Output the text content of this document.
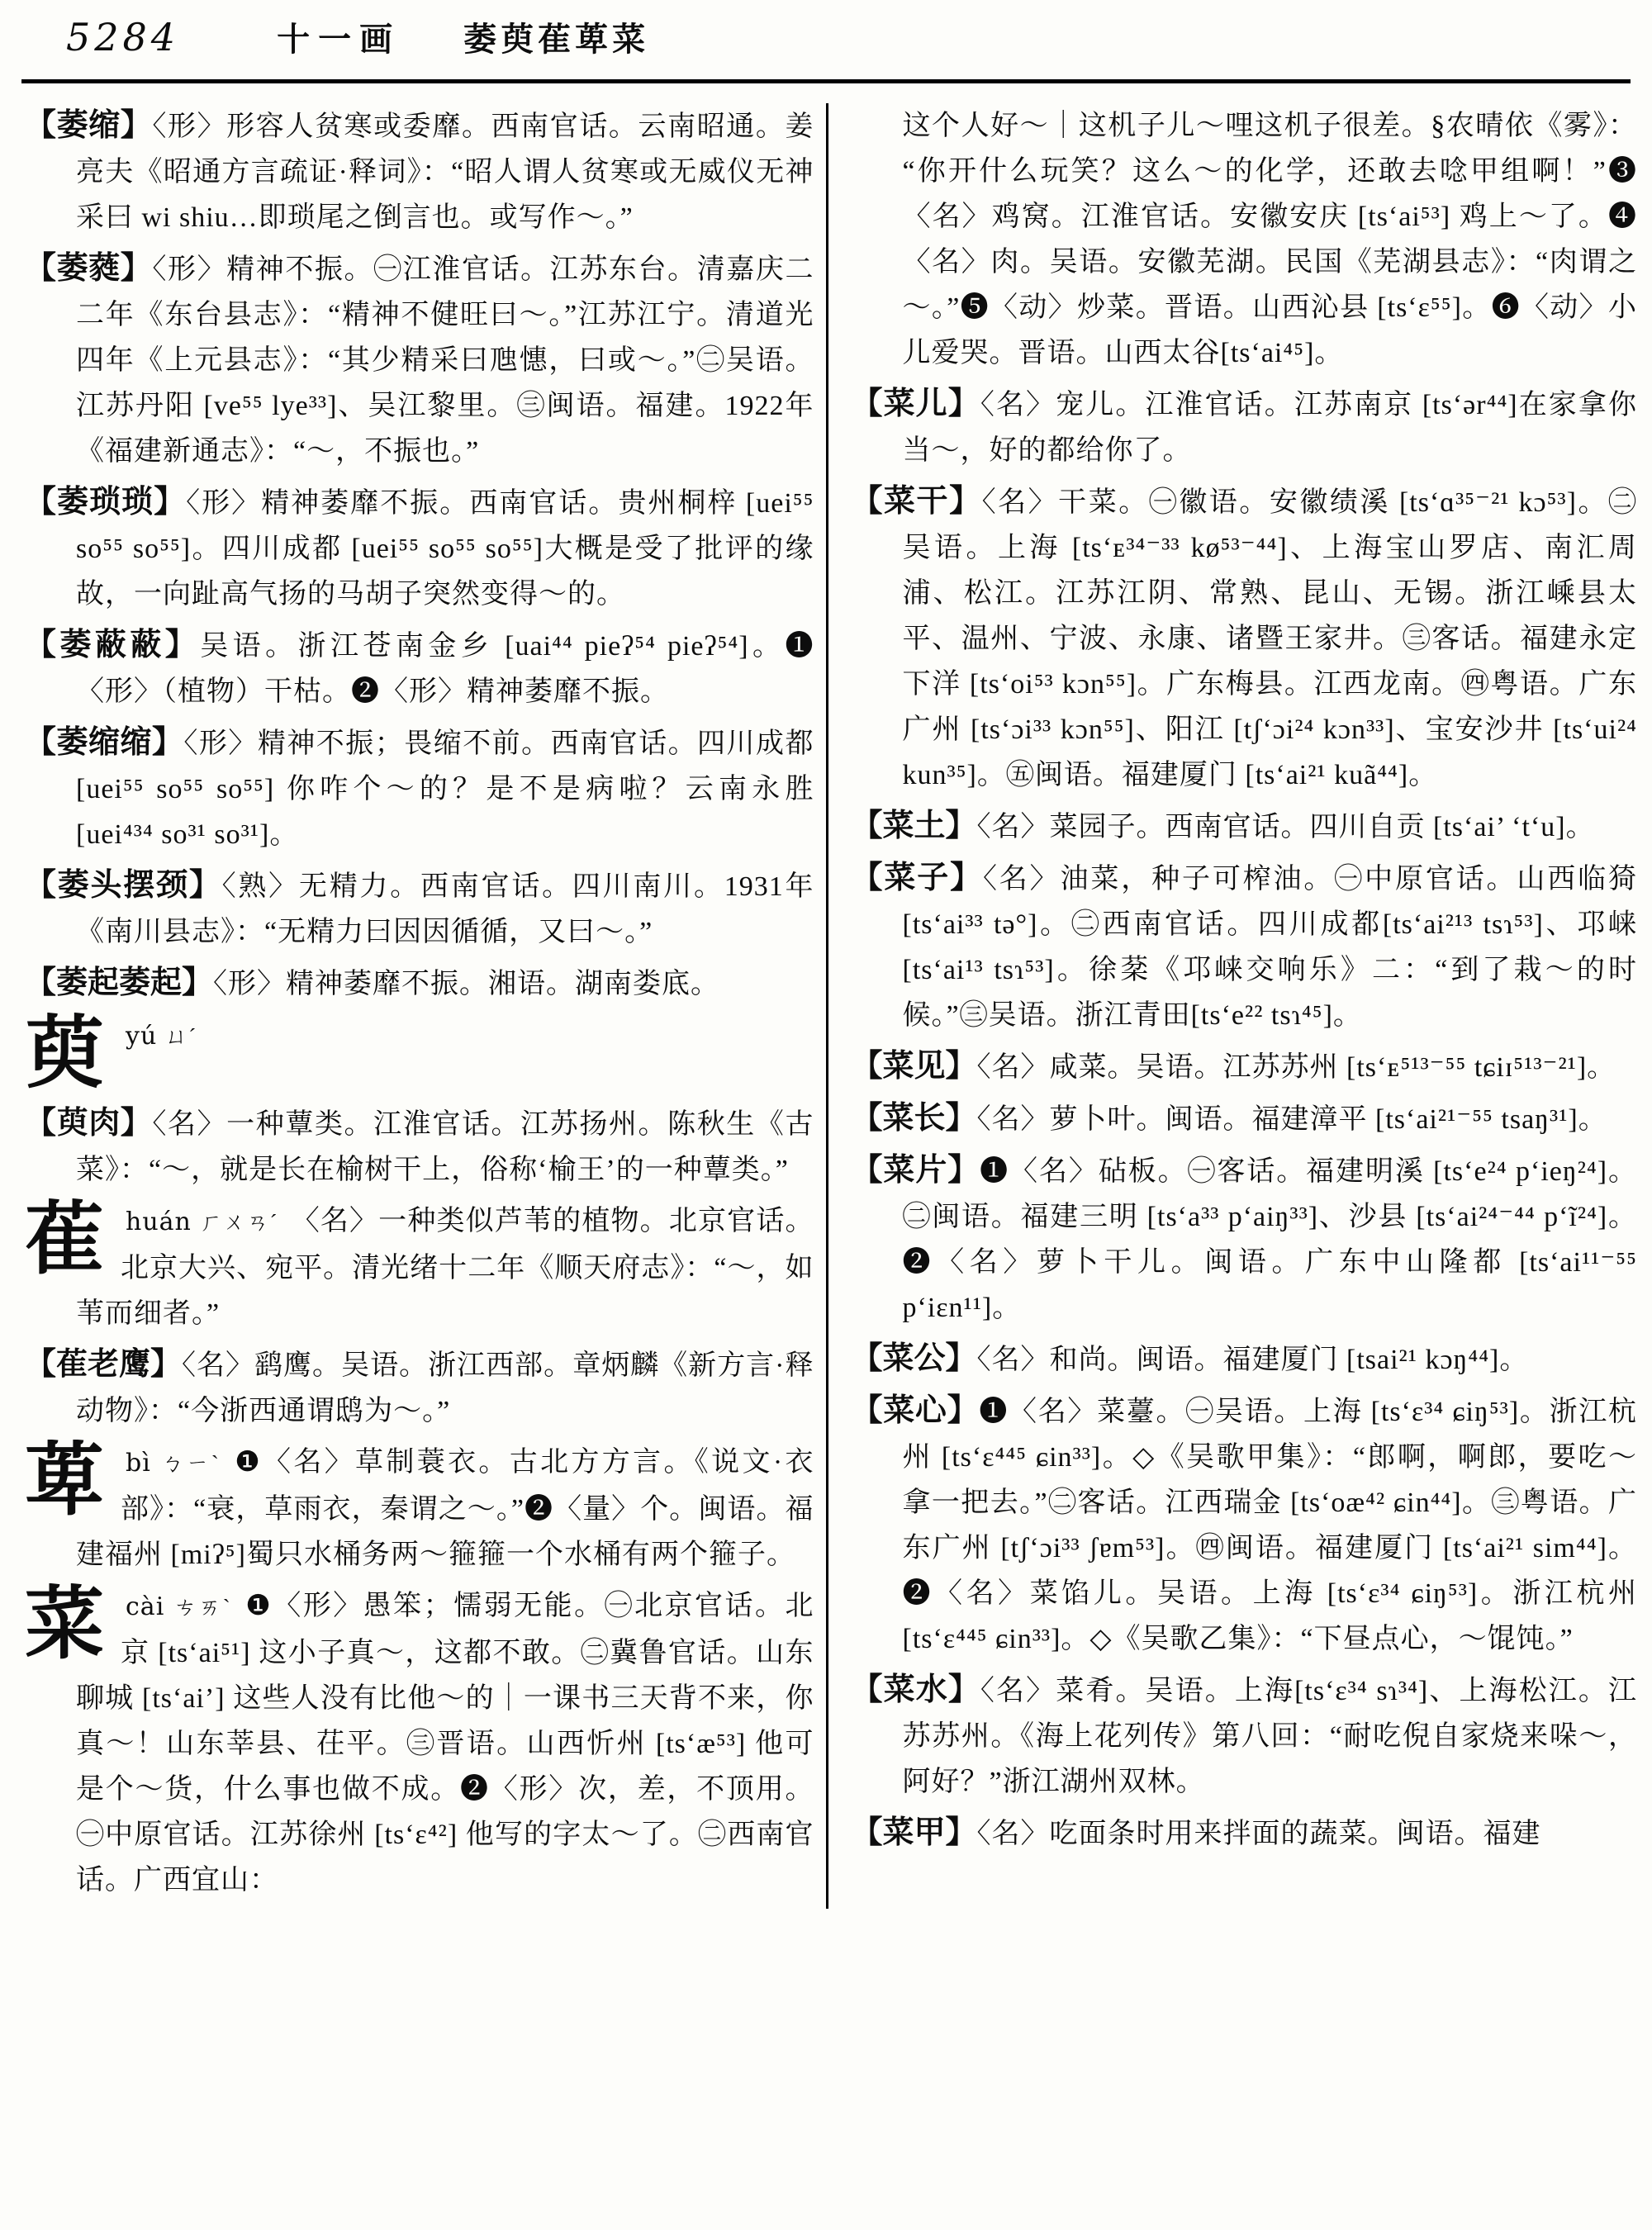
5284	十一画 萎萸萑萆菜
【萎缩】〈形〉形容人贫寒或委靡。西南官话。云南昭通。姜亮夫《昭通方言疏证·释词》：“昭人谓人贫寒或无威仪无神采曰 wi shiu…即琐尾之倒言也。或写作～。”
【萎蕤】〈形〉精神不振。㊀江淮官话。江苏东台。清嘉庆二二年《东台县志》：“精神不健旺曰～。”江苏江宁。清道光四年《上元县志》：“其少精采曰虺憓，曰或～。”㊁吴语。江苏丹阳 [ve⁵⁵ lye³³]、吴江黎里。㊂闽语。福建。1922年《福建新通志》：“～，不振也。”
【萎琐琐】〈形〉精神萎靡不振。西南官话。贵州桐梓 [uei⁵⁵ so⁵⁵ so⁵⁵]。四川成都 [uei⁵⁵ so⁵⁵ so⁵⁵]大概是受了批评的缘故，一向趾高气扬的马胡子突然变得～的。
【萎蔽蔽】吴语。浙江苍南金乡 [uai⁴⁴ pieʔ⁵⁴ pieʔ⁵⁴]。❶〈形〉（植物）干枯。❷〈形〉精神萎靡不振。
【萎缩缩】〈形〉精神不振；畏缩不前。西南官话。四川成都 [uei⁵⁵ so⁵⁵ so⁵⁵] 你咋个～的？是不是病啦？云南永胜 [uei⁴³⁴ so³¹ so³¹]。
【萎头摆颈】〈熟〉无精力。西南官话。四川南川。1931年《南川县志》：“无精力曰因因循循，又曰～。”
【萎起萎起】〈形〉精神萎靡不振。湘语。湖南娄底。
萸yú ㄩˊ
【萸肉】〈名〉一种蕈类。江淮官话。江苏扬州。陈秋生《古菜》：“～，就是长在榆树干上，俗称‘榆王’的一种蕈类。”
萑huán ㄏㄨㄢˊ 〈名〉一种类似芦苇的植物。北京官话。北京大兴、宛平。清光绪十二年《顺天府志》：“～，如苇而细者。”
【萑老鹰】〈名〉鹞鹰。吴语。浙江西部。章炳麟《新方言·释动物》：“今浙西通谓鸱为～。”
萆bì ㄅㄧˋ ❶〈名〉草制蓑衣。古北方方言。《说文·衣部》：“衰，草雨衣，秦谓之～。”❷〈量〉个。闽语。福建福州 [miʔ⁵]蜀只水桶务两～箍箍一个水桶有两个箍子。
菜cài ㄘㄞˋ ❶〈形〉愚笨；懦弱无能。㊀北京官话。北京 [ts‘ai⁵¹] 这小子真～，这都不敢。㊁冀鲁官话。山东聊城 [ts‘ai’] 这些人没有比他～的｜一课书三天背不来，你真～！山东莘县、茌平。㊂晋语。山西忻州 [ts‘æ⁵³] 他可是个～货，什么事也做不成。❷〈形〉次，差，不顶用。㊀中原官话。江苏徐州 [ts‘ɛ⁴²] 他写的字太～了。㊁西南官话。广西宜山：
这个人好～｜这机子儿～哩这机子很差。§农晴依《雾》：“你开什么玩笑？这么～的化学，还敢去唸甲组啊！”❸〈名〉鸡窝。江淮官话。安徽安庆 [ts‘ai⁵³] 鸡上～了。❹〈名〉肉。吴语。安徽芜湖。民国《芜湖县志》：“肉谓之～。”❺〈动〉炒菜。晋语。山西沁县 [ts‘ɛ⁵⁵]。❻〈动〉小儿爱哭。晋语。山西太谷[ts‘ai⁴⁵]。
【菜儿】〈名〉宠儿。江淮官话。江苏南京 [ts‘ər⁴⁴]在家拿你当～，好的都给你了。
【菜干】〈名〉干菜。㊀徽语。安徽绩溪 [ts‘ɑ³⁵⁻²¹ kɔ⁵³]。㊁吴语。上海 [ts‘ᴇ³⁴⁻³³ kø⁵³⁻⁴⁴]、上海宝山罗店、南汇周浦、松江。江苏江阴、常熟、昆山、无锡。浙江嵊县太平、温州、宁波、永康、诸暨王家井。㊂客话。福建永定下洋 [ts‘oi⁵³ kɔn⁵⁵]。广东梅县。江西龙南。㊃粤语。广东广州 [ts‘ɔi³³ kɔn⁵⁵]、阳江 [tʃ‘ɔi²⁴ kɔn³³]、宝安沙井 [ts‘ui²⁴ kun³⁵]。㊄闽语。福建厦门 [ts‘ai²¹ kuã⁴⁴]。
【菜土】〈名〉菜园子。西南官话。四川自贡 [ts‘ai’ ‘t‘u]。
【菜子】〈名〉油菜，种子可榨油。㊀中原官话。山西临猗 [ts‘ai³³ tə°]。㊁西南官话。四川成都[ts‘ai²¹³ tsɿ⁵³]、邛崃 [ts‘ai¹³ tsɿ⁵³]。徐棻《邛崃交响乐》二：“到了栽～的时候。”㊂吴语。浙江青田[ts‘e²² tsɿ⁴⁵]。
【菜见】〈名〉咸菜。吴语。江苏苏州 [ts‘ᴇ⁵¹³⁻⁵⁵ tɕiɪ⁵¹³⁻²¹]。
【菜长】〈名〉萝卜叶。闽语。福建漳平 [ts‘ai²¹⁻⁵⁵ tsaŋ³¹]。
【菜片】❶〈名〉砧板。㊀客话。福建明溪 [ts‘e²⁴ p‘ieŋ²⁴]。㊁闽语。福建三明 [ts‘a³³ p‘aiŋ³³]、沙县 [ts‘ai²⁴⁻⁴⁴ p‘ĩ²⁴]。❷〈名〉萝卜干儿。闽语。广东中山隆都 [ts‘ai¹¹⁻⁵⁵ p‘iɛn¹¹]。
【菜公】〈名〉和尚。闽语。福建厦门 [tsai²¹ kɔŋ⁴⁴]。
【菜心】❶〈名〉菜薹。㊀吴语。上海 [ts‘ɛ³⁴ ɕiŋ⁵³]。浙江杭州 [ts‘ɛ⁴⁴⁵ ɕin³³]。◇《吴歌甲集》：“郎啊，啊郎，要吃～拿一把去。”㊁客话。江西瑞金 [ts‘oæ⁴² ɕin⁴⁴]。㊂粤语。广东广州 [tʃ‘ɔi³³ ʃɐm⁵³]。㊃闽语。福建厦门 [ts‘ai²¹ sim⁴⁴]。❷〈名〉菜馅儿。吴语。上海 [ts‘ɛ³⁴ ɕiŋ⁵³]。浙江杭州 [ts‘ɛ⁴⁴⁵ ɕin³³]。◇《吴歌乙集》：“下昼点心，～馄饨。”
【菜水】〈名〉菜肴。吴语。上海[ts‘ɛ³⁴ sɿ³⁴]、上海松江。江苏苏州。《海上花列传》第八回：“耐吃倪自家烧来哚～，阿好？”浙江湖州双林。
【菜甲】〈名〉吃面条时用来拌面的蔬菜。闽语。福建
